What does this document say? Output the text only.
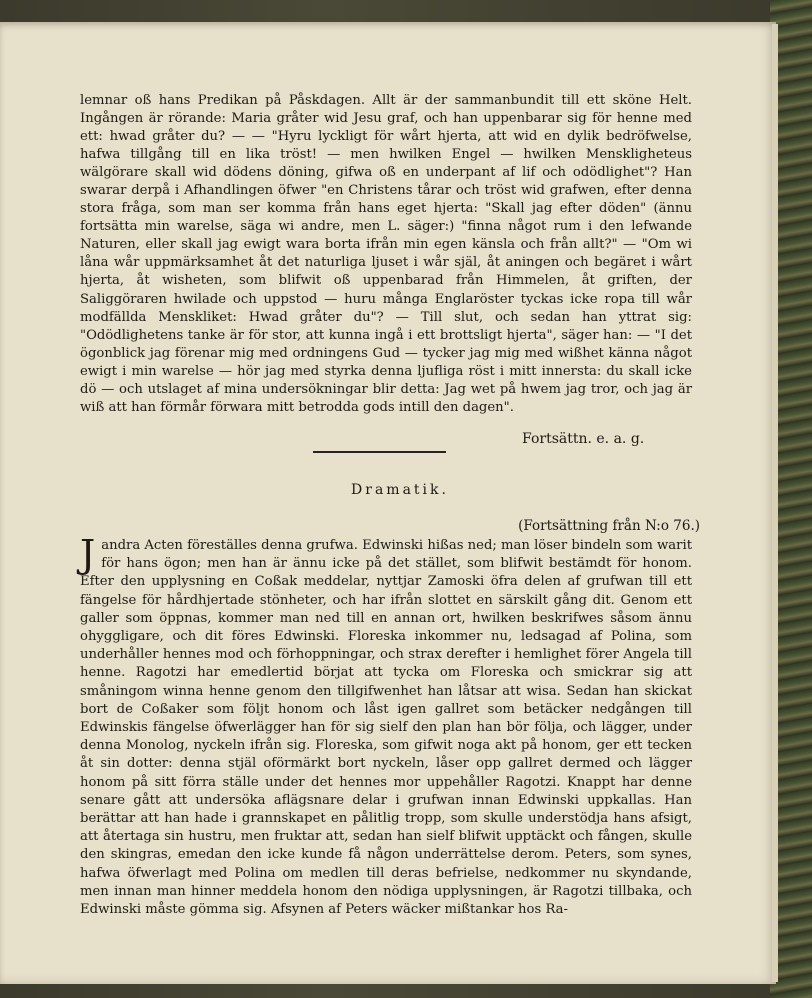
lemnar oß hans Predikan på Påskdagen. Allt är der sammanbundit till ett sköne Helt. Ingången är rörande: Maria gråter wid Jesu graf, och han uppenbarar sig för henne med ett: hwad gråter du? — — "Hyru lyckligt för wårt hjerta, att wid en dylik bedröfwelse, hafwa tillgång till en lika tröst! — men hwilken Engel — hwilken Menskligheteus wälgörare skall wid dödens döning, gifwa oß en underpant af lif och odödlighet"? Han swarar derpå i Afhandlingen öfwer "en Christens tårar och tröst wid grafwen, efter denna stora fråga, som man ser komma från hans eget hjerta: "Skall jag efter döden" (ännu fortsätta min warelse, säga wi andre, men L. säger:) "finna något rum i den lefwande Naturen, eller skall jag ewigt wara borta ifrån min egen känsla och från allt?" — "Om wi låna wår uppmärksamhet åt det naturliga ljuset i wår själ, åt aningen och begäret i wårt hjerta, åt wisheten, som blifwit oß uppenbarad från Himmelen, åt griften, der Saliggöraren hwilade och uppstod — huru många Englaröster tyckas icke ropa till wår modfällda Menskliket: Hwad gråter du"? — Till slut, och sedan han yttrat sig: "Odödlighetens tanke är för stor, att kunna ingå i ett brottsligt hjerta", säger han: — "I det ögonblick jag förenar mig med ordningens Gud — tycker jag mig med wißhet känna något ewigt i min warelse — hör jag med styrka denna ljufliga röst i mitt innersta: du skall icke dö — och utslaget af mina undersökningar blir detta: Jag wet på hwem jag tror, och jag är wiß att han förmår förwara mitt betrodda gods intill den dagen".

Fortsättn. e. a. g.
Dramatik.
(Fortsättning från N:o 76.)
J andra Acten föreställes denna grufwa. Edwinski hißas ned; man löser bindeln som warit för hans ögon; men han är ännu icke på det stället, som blifwit bestämdt för honom. Efter den upplysning en Coßak meddelar, nyttjar Zamoski öfra delen af grufwan till ett fängelse för hårdhjertade stönheter, och har ifrån slottet en särskilt gång dit. Genom ett galler som öppnas, kommer man ned till en annan ort, hwilken beskrifwes såsom ännu ohyggligare, och dit föres Edwinski. Floreska inkommer nu, ledsagad af Polina, som underhåller hennes mod och förhoppningar, och strax derefter i hemlighet förer Angela till henne. Ragotzi har emedlertid börjat att tycka om Floreska och smickrar sig att småningom winna henne genom den tillgifwenhet han låtsar att wisa. Sedan han skickat bort de Coßaker som följt honom och låst igen gallret som betäcker nedgången till Edwinskis fängelse öfwerlägger han för sig sielf den plan han bör följa, och lägger, under denna Monolog, nyckeln ifrån sig. Floreska, som gifwit noga akt på honom, ger ett tecken åt sin dotter: denna stjäl oförmärkt bort nyckeln, låser opp gallret dermed och lägger honom på sitt förra ställe under det hennes mor uppehåller Ragotzi. Knappt har denne senare gått att undersöka aflägsnare delar i grufwan innan Edwinski uppkallas. Han berättar att han hade i grannskapet en pålitlig tropp, som skulle understödja hans afsigt, att återtaga sin hustru, men fruktar att, sedan han sielf blifwit upptäckt och fången, skulle den skingras, emedan den icke kunde få någon underrättelse derom. Peters, som synes, hafwa öfwerlagt med Polina om medlen till deras befrielse, nedkommer nu skyndande, men innan man hinner meddela honom den nödiga upplysningen, är Ragotzi tillbaka, och Edwinski måste gömma sig. Afsynen af Peters wäcker mißtankar hos Ra-
